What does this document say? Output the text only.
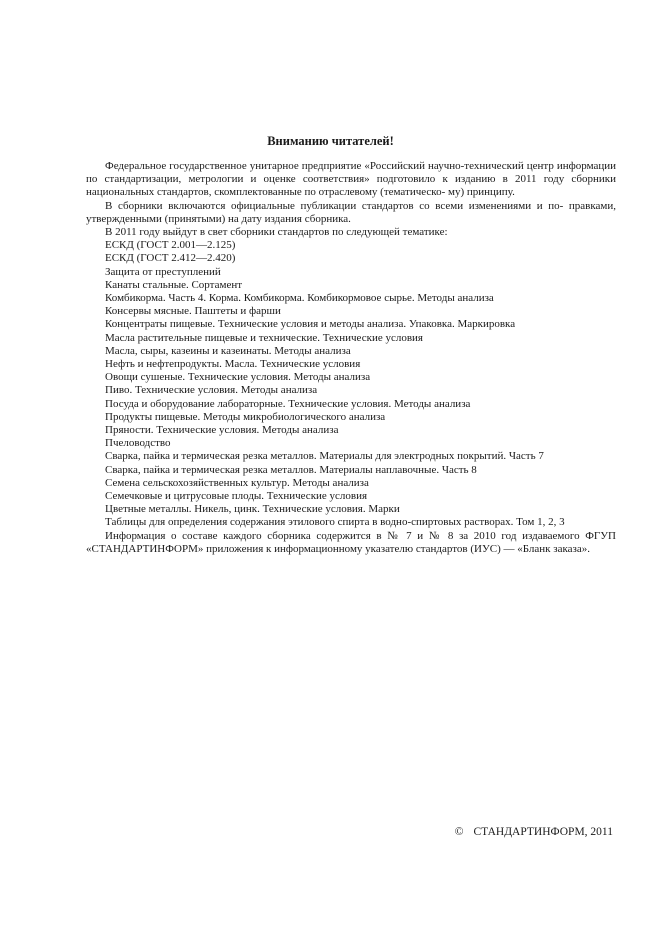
Вниманию читателей!

Федеральное государственное унитарное предприятие «Российский научно-технический центр информации по стандартизации, метрологии и оценке соответствия» подготовило к изданию в 2011 году сборники национальных стандартов, скомплектованные по отраслевому (тематическо- му) принципу.

В сборники включаются официальные публикации стандартов со всеми изменениями и по- правками, утвержденными (принятыми) на дату издания сборника.

В 2011 году выйдут в свет сборники стандартов по следующей тематике:

ЕСКД (ГОСТ 2.001—2.125)
ЕСКД (ГОСТ 2.412—2.420)
Защита от преступлений
Канаты стальные. Сортамент
Комбикорма. Часть 4. Корма. Комбикорма. Комбикормовое сырье. Методы анализа
Консервы мясные. Паштеты и фарши
Концентраты пищевые. Технические условия и методы анализа. Упаковка. Маркировка
Масла растительные пищевые и технические. Технические условия
Масла, сыры, казеины и казеинаты. Методы анализа
Нефть и нефтепродукты. Масла. Технические условия
Овощи сушеные. Технические условия. Методы анализа
Пиво. Технические условия. Методы анализа
Посуда и оборудование лабораторные. Технические условия. Методы анализа
Продукты пищевые. Методы микробиологического анализа
Пряности. Технические условия. Методы анализа
Пчеловодство
Сварка, пайка и термическая резка металлов. Материалы для электродных покрытий. Часть 7
Сварка, пайка и термическая резка металлов. Материалы наплавочные. Часть 8
Семена сельскохозяйственных культур. Методы анализа
Семечковые и цитрусовые плоды. Технические условия
Цветные металлы. Никель, цинк. Технические условия. Марки
Таблицы для определения содержания этилового спирта в водно-спиртовых растворах. Том 1, 2, 3

Информация о составе каждого сборника содержится в № 7 и № 8 за 2010 год издаваемого ФГУП «СТАНДАРТИНФОРМ» приложения к информационному указателю стандартов (ИУС) — «Бланк заказа».

© СТАНДАРТИНФОРМ, 2011
